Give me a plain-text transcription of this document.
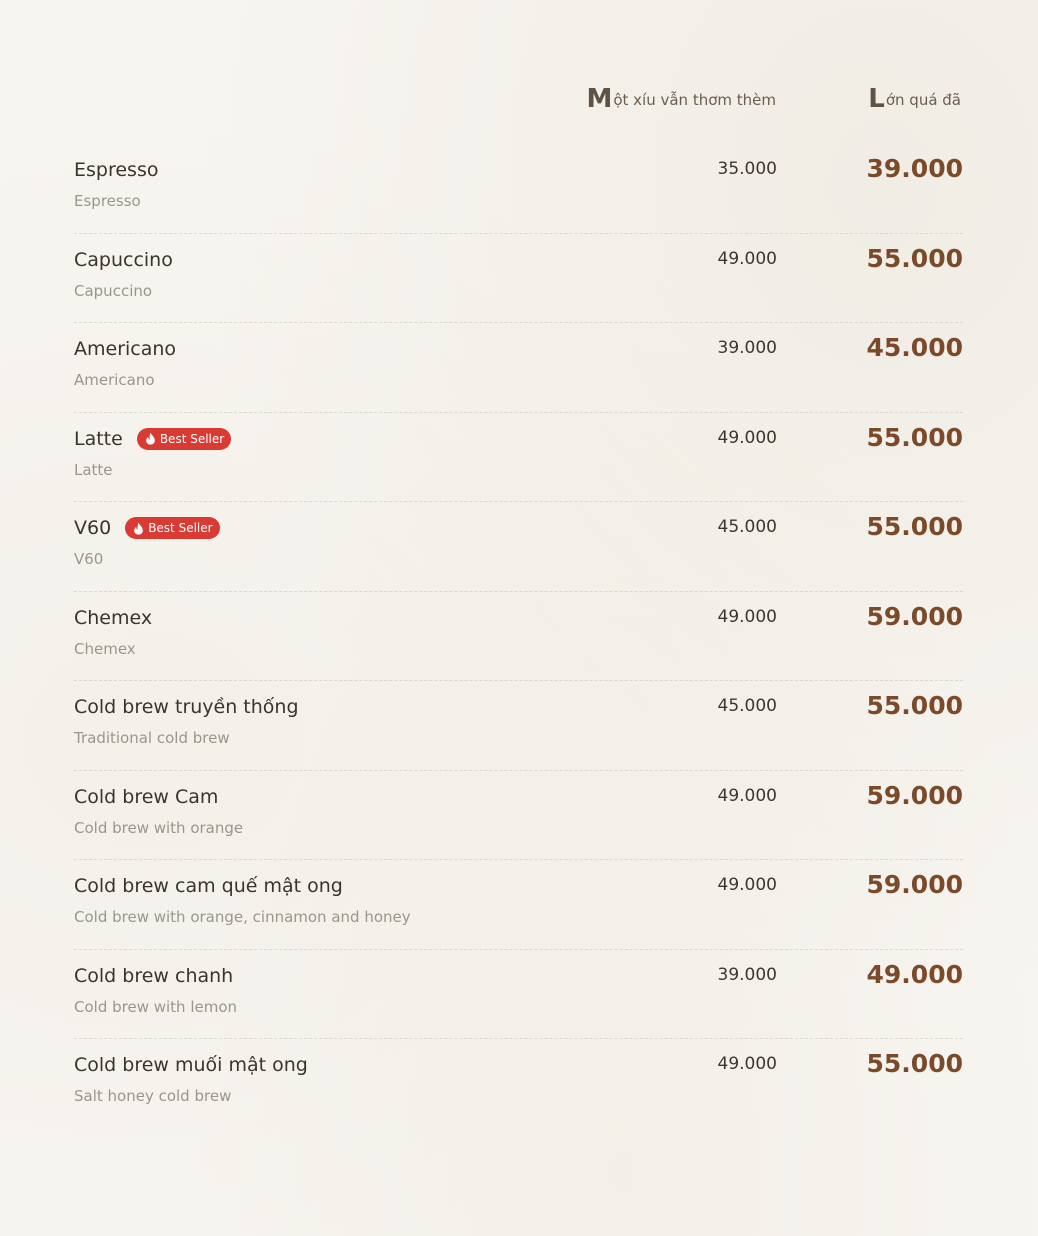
Một xíu vẫn thơm thèm	Lớn quá đã
Espresso
Espresso
35.000	39.000
Capuccino
Capuccino
49.000	55.000
Americano
Americano
39.000	45.000
Latte	Best Seller
Latte
49.000	55.000
V60	Best Seller
V60
45.000	55.000
Chemex
Chemex
49.000	59.000
Cold brew truyền thống
Traditional cold brew
45.000	55.000
Cold brew Cam
Cold brew with orange
49.000	59.000
Cold brew cam quế mật ong
Cold brew with orange, cinnamon and honey
49.000	59.000
Cold brew chanh
Cold brew with lemon
39.000	49.000
Cold brew muối mật ong
Salt honey cold brew
49.000	55.000
